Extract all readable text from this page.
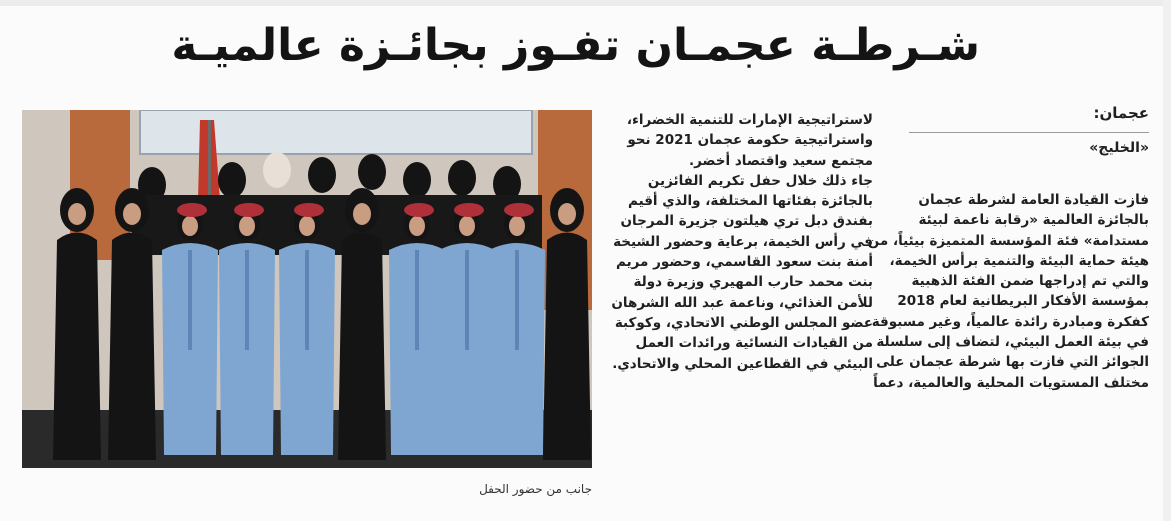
شـرطـة عجمـان تفـوز بجائـزة عالميـة
عجمان:
«الخليج»
فازت القيادة العامة لشرطة عجمان
بالجائزة العالمية «رقابة ناعمة لبيئة
مستدامة» فئة المؤسسة المتميزة بيئياً، من
هيئة حماية البيئة والتنمية برأس الخيمة،
والتي تم إدراجها ضمن الفئة الذهبية
بمؤسسة الأفكار البريطانية لعام 2018
كفكرة ومبادرة رائدة عالمياً، وغير مسبوقة
في بيئة العمل البيئي، لتضاف إلى سلسلة
الجوائز التي فازت بها شرطة عجمان على
مختلف المستويات المحلية والعالمية، دعماً
لاستراتيجية الإمارات للتنمية الخضراء،
واستراتيجية حكومة عجمان 2021 نحو
مجتمع سعيد واقتصاد أخضر.
جاء ذلك خلال حفل تكريم الفائزين
بالجائزة بفئاتها المختلفة، والذي أقيم
بفندق دبل تري هيلتون جزيرة المرجان
في رأس الخيمة، برعاية وحضور الشيخة
أمنة بنت سعود القاسمي، وحضور مريم
بنت محمد حارب المهيري وزيرة دولة
للأمن الغذائي، وناعمة عبد الله الشرهان
عضو المجلس الوطني الاتحادي، وكوكبة
من القيادات النسائية ورائدات العمل
البيئي في القطاعين المحلي والاتحادي.
جانب من حضور الحفل
